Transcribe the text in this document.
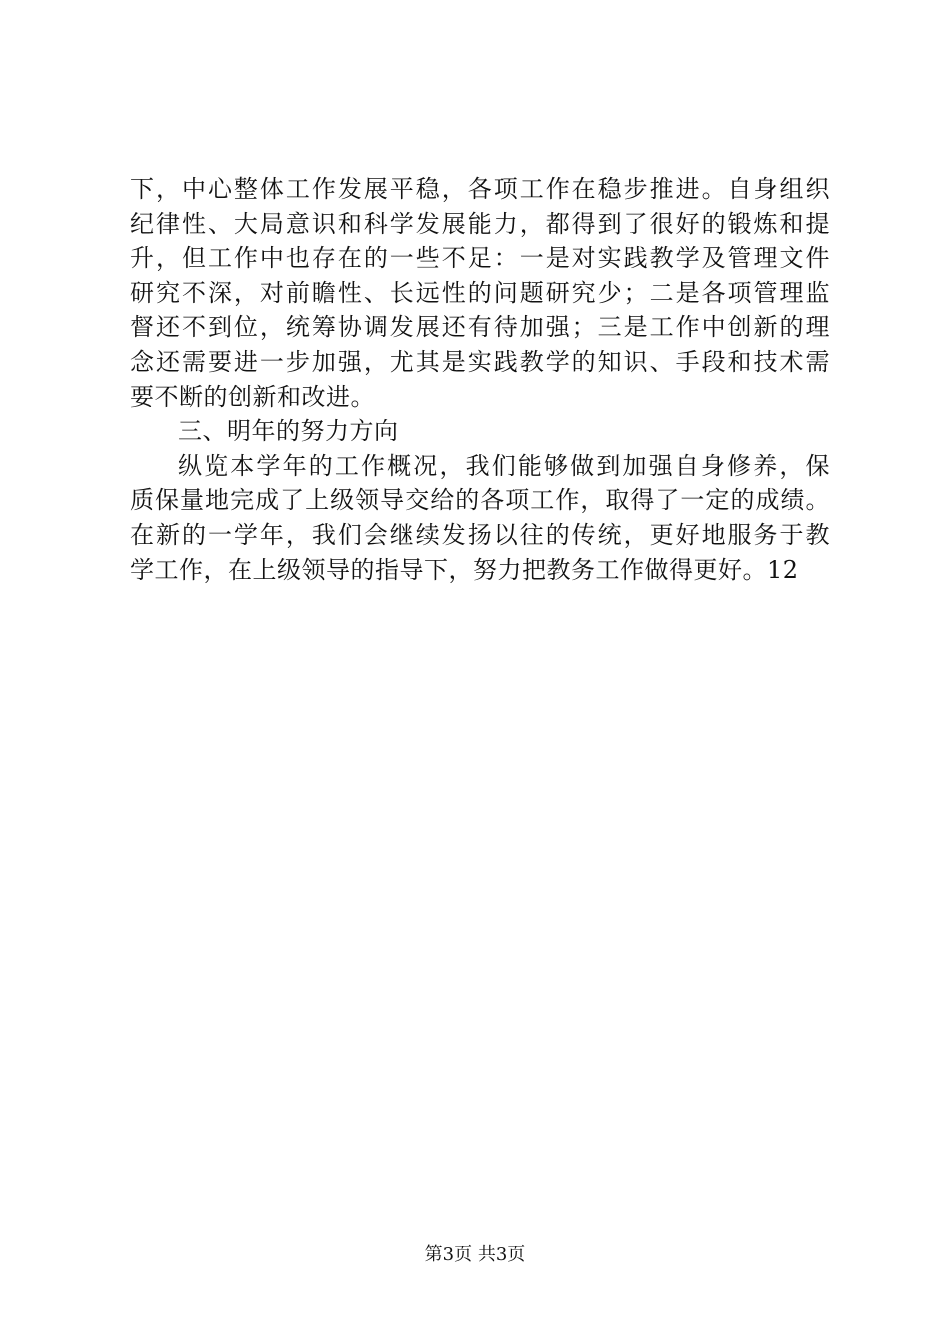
下，中心整体工作发展平稳，各项工作在稳步推进。自身组织
纪律性、大局意识和科学发展能力，都得到了很好的锻炼和提
升，但工作中也存在的一些不足：一是对实践教学及管理文件
研究不深，对前瞻性、长远性的问题研究少；二是各项管理监
督还不到位，统筹协调发展还有待加强；三是工作中创新的理
念还需要进一步加强，尤其是实践教学的知识、手段和技术需
要不断的创新和改进。
三、明年的努力方向
纵览本学年的工作概况，我们能够做到加强自身修养，保
质保量地完成了上级领导交给的各项工作，取得了一定的成绩。
在新的一学年，我们会继续发扬以往的传统，更好地服务于教
学工作，在上级领导的指导下，努力把教务工作做得更好。12
第3页 共3页
